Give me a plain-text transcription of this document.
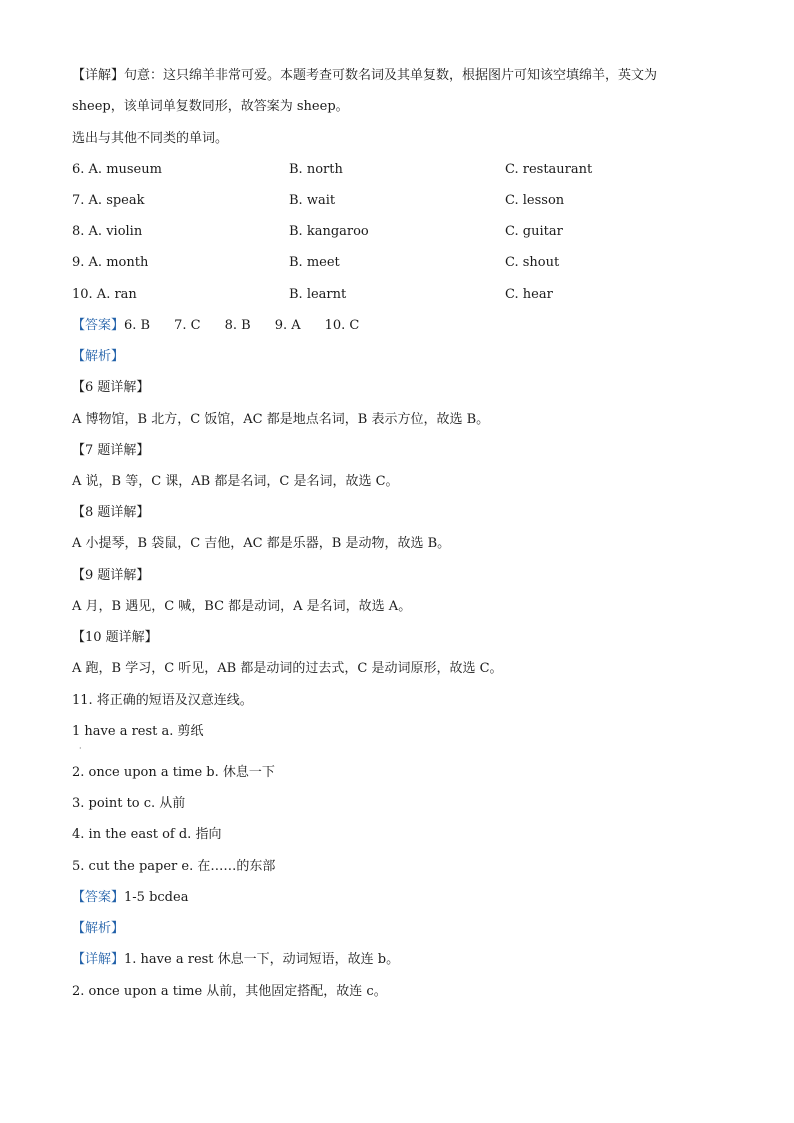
【详解】句意：这只绵羊非常可爱。本题考查可数名词及其单复数，根据图片可知该空填绵羊，英文为
sheep，该单词单复数同形，故答案为 sheep。
选出与其他不同类的单词。
6. A. museum	B. north	C. restaurant
7. A. speak	B. wait	C. lesson
8. A. violin	B. kangaroo	C. guitar
9. A. month	B. meet	C. shout
10. A. ran	B. learnt	C. hear
【答案】6. B 7. C 8. B 9. A 10. C
【解析】
【6 题详解】
A 博物馆，B 北方，C 饭馆，AC 都是地点名词，B 表示方位，故选 B。
【7 题详解】
A 说，B 等，C 课，AB 都是名词，C 是名词，故选 C。
【8 题详解】
A 小提琴，B 袋鼠，C 吉他，AC 都是乐器，B 是动物，故选 B。
【9 题详解】
A 月，B 遇见，C 喊，BC 都是动词，A 是名词，故选 A。
【10 题详解】
A 跑，B 学习，C 听见，AB 都是动词的过去式，C 是动词原形，故选 C。
11. 将正确的短语及汉意连线。
1 have a rest a. 剪纸
·
2. once upon a time b. 休息一下
3. point to c. 从前
4. in the east of d. 指向
5. cut the paper e. 在……的东部
【答案】1-5 bcdea
【解析】
【详解】1. have a rest 休息一下，动词短语，故连 b。
2. once upon a time 从前，其他固定搭配，故连 c。
